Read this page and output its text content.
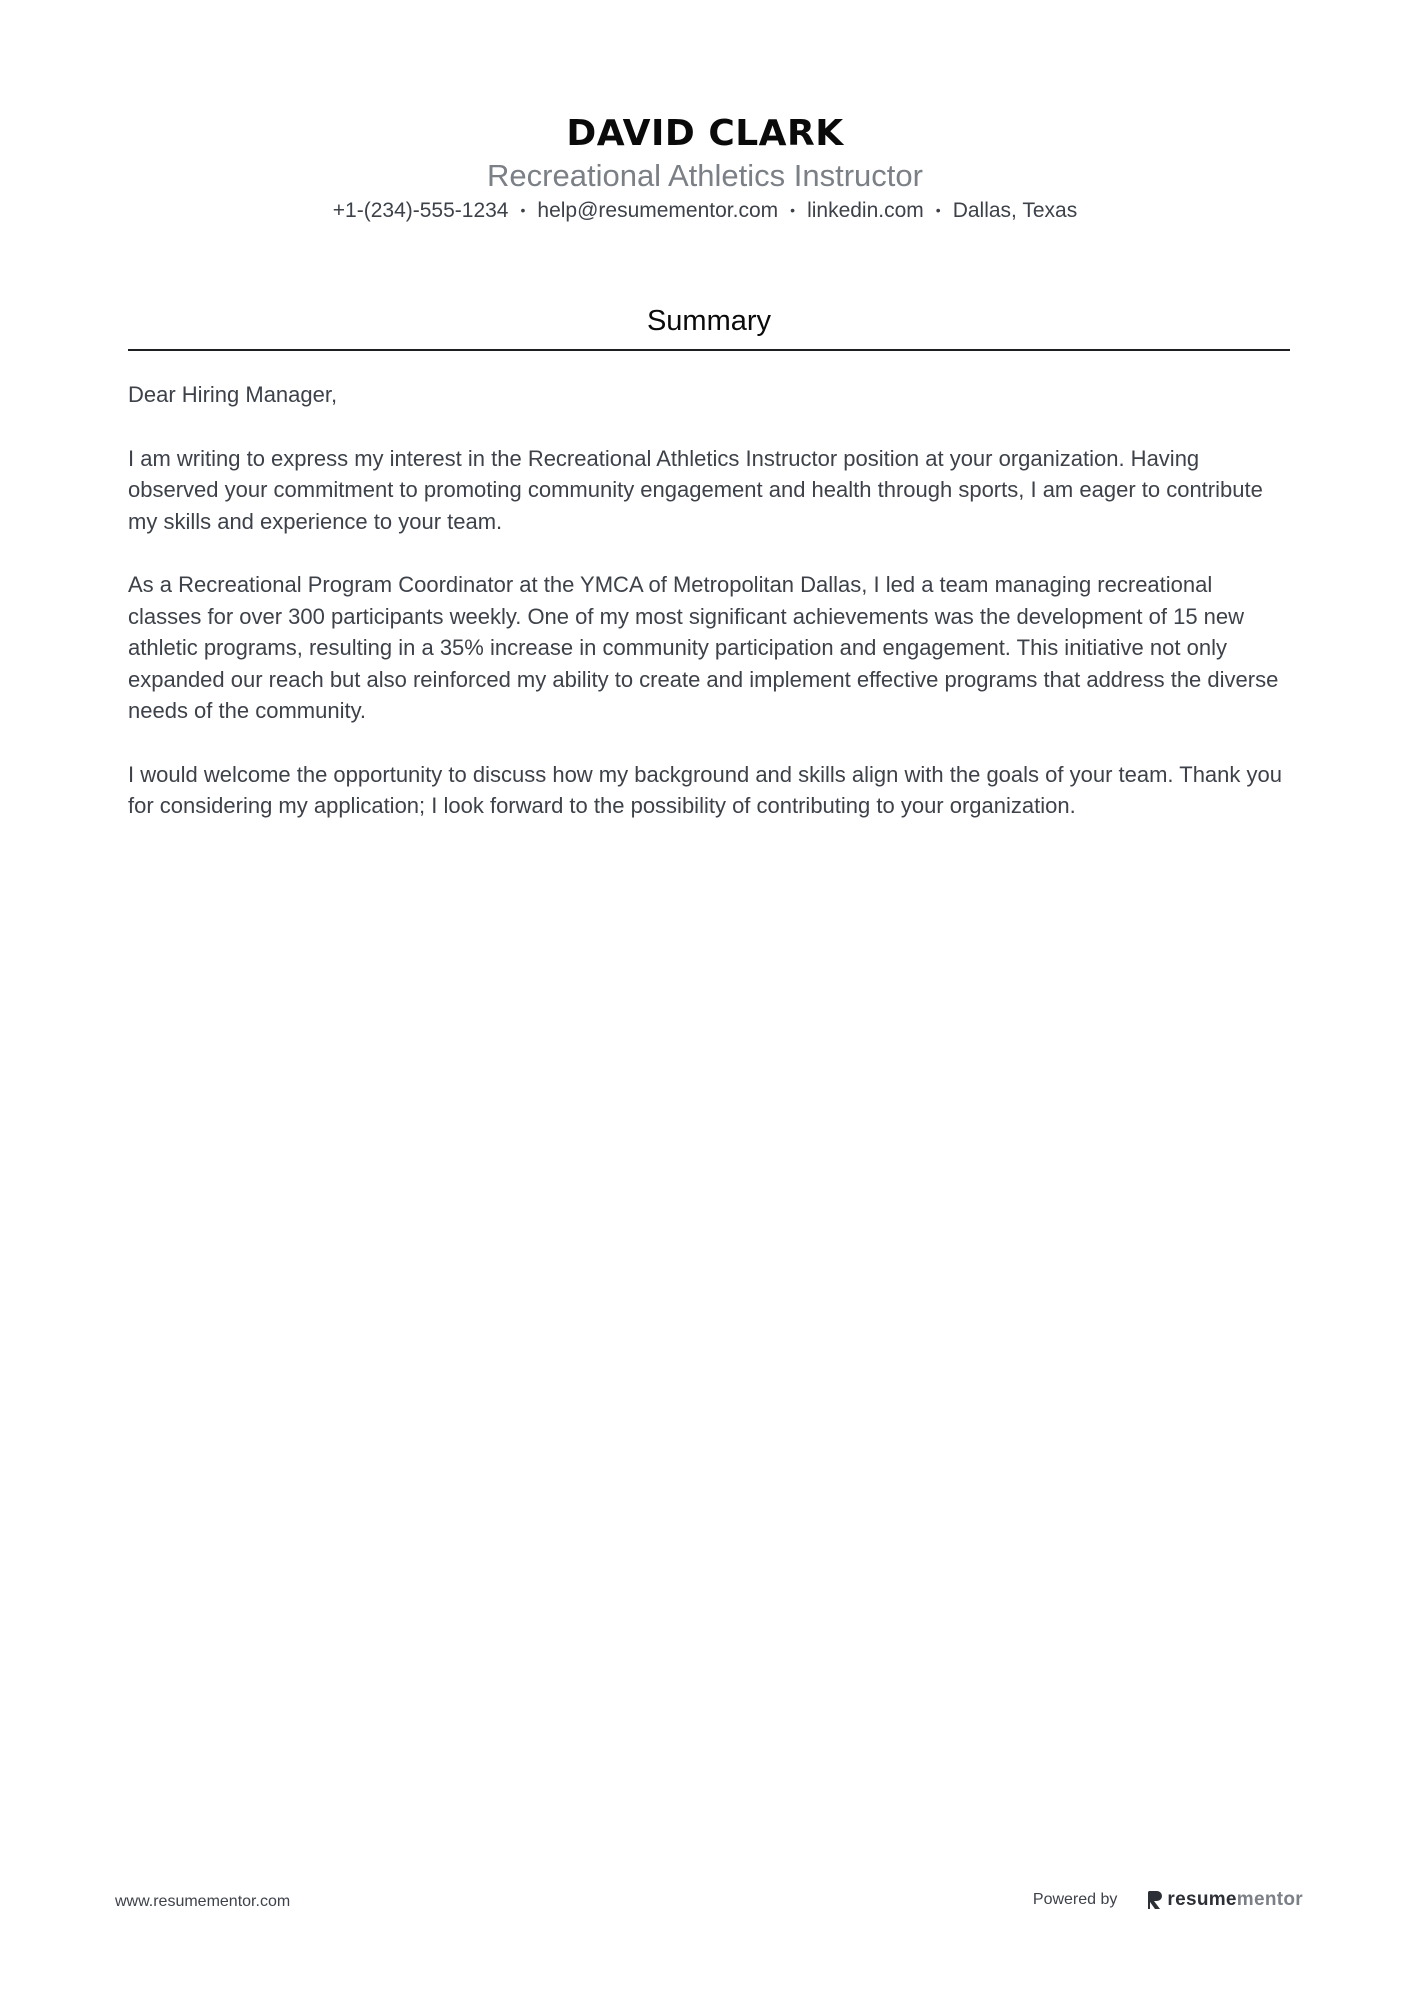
DAVID CLARK
Recreational Athletics Instructor
+1-(234)-555-1234 • help@resumementor.com • linkedin.com • Dallas, Texas
Summary

Dear Hiring Manager,

I am writing to express my interest in the Recreational Athletics Instructor position at your organization. Having observed your commitment to promoting community engagement and health through sports, I am eager to contribute my skills and experience to your team.

As a Recreational Program Coordinator at the YMCA of Metropolitan Dallas, I led a team managing recreational classes for over 300 participants weekly. One of my most significant achievements was the development of 15 new athletic programs, resulting in a 35% increase in community participation and engagement. This initiative not only expanded our reach but also reinforced my ability to create and implement effective programs that address the diverse needs of the community.

I would welcome the opportunity to discuss how my background and skills align with the goals of your team. Thank you for considering my application; I look forward to the possibility of contributing to your organization.

www.resumementor.com	Powered by	resumementor
